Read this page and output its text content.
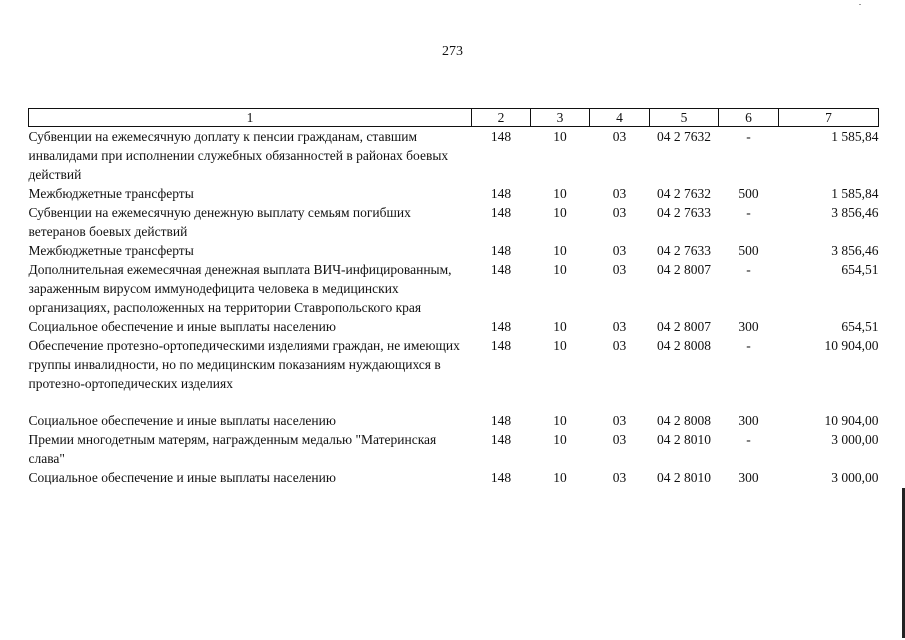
273
1	2	3	4	5	6	7
Субвенции на ежемесячную доплату к пенсии гражданам, ставшим инвалидами при исполнении служебных обязанностей в районах боевых действий	148	10	03	04 2 7632	-	1 585,84
Межбюджетные трансферты	148	10	03	04 2 7632	500	1 585,84
Субвенции на ежемесячную денежную выплату семьям погибших ветеранов боевых действий	148	10	03	04 2 7633	-	3 856,46
Межбюджетные трансферты	148	10	03	04 2 7633	500	3 856,46
Дополнительная ежемесячная денежная выплата ВИЧ-инфицированным, зараженным вирусом иммунодефицита человека в медицинских организациях, расположенных на территории Ставропольского края	148	10	03	04 2 8007	-	654,51
Социальное обеспечение и иные выплаты населению	148	10	03	04 2 8007	300	654,51
Обеспечение протезно-ортопедическими изделиями граждан, не имеющих группы инвалидности, но по медицинским показаниям нуждающихся в протезно-ортопедических изделиях	148	10	03	04 2 8008	-	10 904,00

Социальное обеспечение и иные выплаты населению	148	10	03	04 2 8008	300	10 904,00
Премии многодетным матерям, награжденным медалью "Материнская слава"	148	10	03	04 2 8010	-	3 000,00
Социальное обеспечение и иные выплаты населению	148	10	03	04 2 8010	300	3 000,00
